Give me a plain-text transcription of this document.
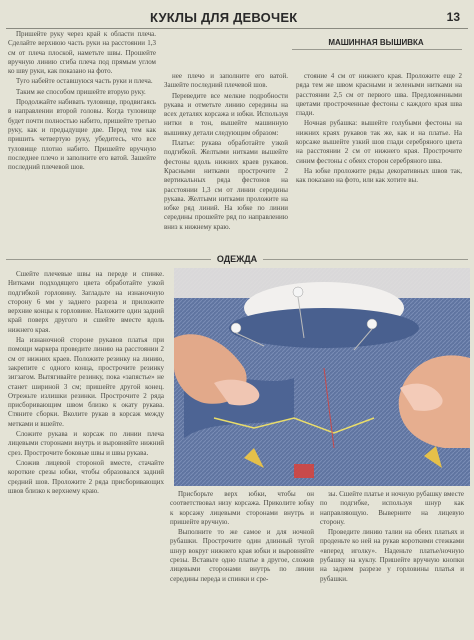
КУКЛЫ ДЛЯ ДЕВОЧЕК	13

Пришейте руку через край к области плеча. Сделайте верхнюю часть руки на расстоянии 1,3 см от плеча плоской, наметьте швы. Прошейте вручную линию сгиба плеча под прямым углом ко шву руки, как показано на фото.

Туго набейте оставшуюся часть руки и плеча.

Таким же способом пришейте вторую руку.

Продолжайте набивать туловище, продвигаясь в направлении второй головы. Когда туловище будет почти полностью набито, пришейте третью руку, как и предыдущие две. Перед тем как пришить четвертую руку, убедитесь, что все туловище плотно набито. Пришейте вручную последнее плечо и заполните его ватой. Зашейте последний плечевой шов.

нее плечо и заполните его ватой. Зашейте последний плечевой шов.

Переведите все мелкие подробности рукава и отметьте линию середины на всех деталях корсажа и юбки. Используя нитки в тон, вышейте машинную вышивку детали следующим образом:

Платье: рукава обработайте узкой подгибкой. Желтыми нитками вышейте фестоны вдоль нижних краев рукавов. Красными нитками прострочите 2 вертикальных ряда фестонов на расстоянии 1,3 см от линии середины рукава. Желтыми нитками проложите на юбке ряд линий. На юбке по линии середины прошейте ряд по направлению вниз к нижнему краю.

МАШИННАЯ ВЫШИВКА

стояние 4 см от нижнего края. Проложите еще 2 ряда тем же швом красными и зелеными нитками на расстоянии 2,5 см от первого шва. Предложенными цветами простроченные фестоны с каждого края шва глади.

Ночная рубашка: вышейте голубыми фестоны на нижних краях рукавов так же, как и на платье. На корсаже вышейте узкий шов глади серебряного цвета на расстоянии 2 см от нижнего края. Прострочите синим фестоны с обеих сторон серебряного шва.

На юбке проложите ряды декоративных швов так, как показано на фото, или как хотите вы.

ОДЕЖДА

Сшейте плечевые швы на переде и спинке. Нитками подходящего цвета обработайте узкой подгибкой горловину. Загладьте на изнаночную сторону 6 мм у заднего разреза и приложите верхние концы к горловине. Наложите один задний край поверх другого и сшейте вместе вдоль нижнего края.

На изнаночной стороне рукавов платья при помощи маркера проведите линию на расстоянии 2 см от нижних краев. Положите резинку на линию, закрепите с одного конца, прострочите резинку зигзагом. Вытягивайте резинку, пока «запястье» не станет шириной 3 см; пришейте другой конец. Отрежьте излишки резинки. Прострочите 2 ряда присборивающим швом близко к окату рукава. Стяните сборки. Вколите рукав в корсаж между метками и вшейте.

Сложите рукава и корсаж по линии плеча лицевыми сторонами внутрь и выровняйте нижний срез. Прострочите боковые швы и швы рукава.

Сложив лицевой стороной вместе, стачайте короткие срезы юбки, чтобы образовался задний средний шов. Проложите 2 ряда присборивающих швов близко к верхнему краю.	Присборьте верх юбки, чтобы он соответствовал низу корсажа. Приколите юбку к корсажу лицевыми сторонами внутрь и пришейте вручную.

Выполните то же самое и для ночной рубашки. Прострочите один длинный тугой шнур вокруг нижнего края юбки и выровняйте срезы. Вставьте одно платье в другое, сложив лицевыми сторонами внутрь по линии середины переда и спинки и сре-

зы. Сшейте платье и ночную рубашку вместе по подгибке, используя шнур как направляющую. Выверните на лицевую сторону.

Проведите линию талии на обеих платьях и проденьте ко ней на рукав короткими стежками «вперед иголку». Наденьте платье/ночную рубашку на куклу. Пришейте вручную кнопки на заднем разрезе у горловины платья и рубашки.
